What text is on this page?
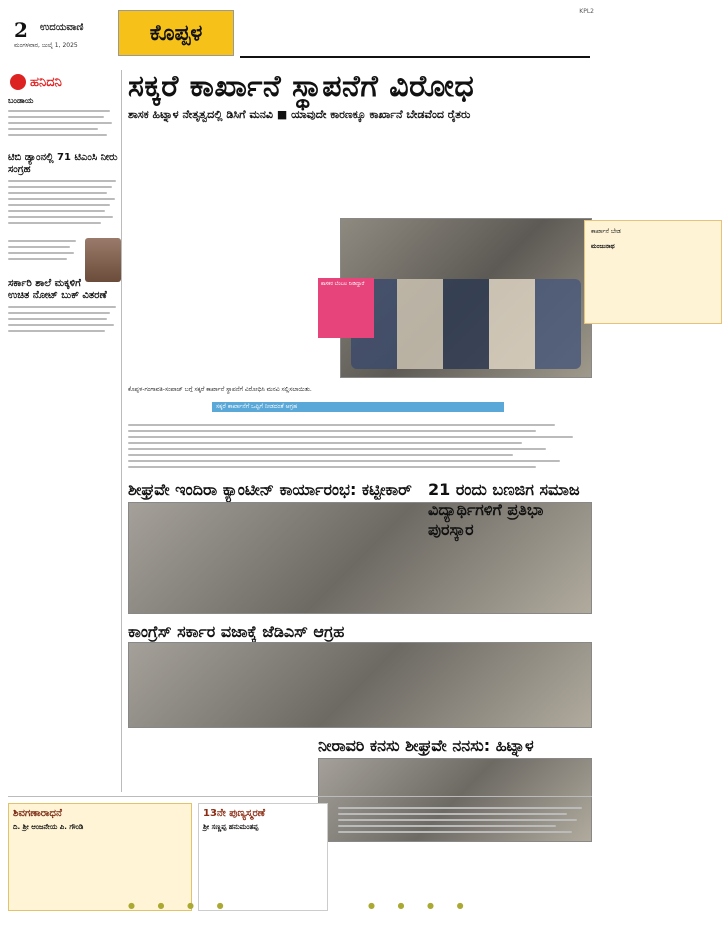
2 ಉದಯವಾಣಿ
ಮಂಗಳವಾರ, ಜುಲೈ 1, 2025	ಕೊಪ್ಪಳ
KPL2
ಹನಿದನಿ
ಬಂಡಾಯ
ಟಿಬಿ ಡ್ಯಾಂನಲ್ಲಿ 71 ಟಿಎಂಸಿ ನೀರು ಸಂಗ್ರಹ
ಸರ್ಕಾರಿ ಶಾಲೆ ಮಕ್ಕಳಿಗೆ ಉಚಿತ ನೋಟ್ ಬುಕ್ ವಿತರಣೆ
ಸಕ್ಕರೆ ಕಾರ್ಖಾನೆ ಸ್ಥಾಪನೆಗೆ ವಿರೋಧ
ಶಾಸಕ ಹಿಟ್ನಾಳ ನೇತೃತ್ವದಲ್ಲಿ ಡಿಸಿಗೆ ಮನವಿ ■ ಯಾವುದೇ ಕಾರಣಕ್ಕೂ ಕಾರ್ಖಾನೆ ಬೇಡವೆಂದ ರೈತರು
ಶಾಸಕರ ಬೆಂಬಲ ನೀಡಿದ್ದಾರೆ
ಕೊಪ್ಪಳ-ಗಂಗಾವತಿ-ಸಂಪಾಜ್ ಬಗ್ಗೆ ಸಕ್ಕರೆ ಕಾರ್ಖಾನೆ ಸ್ಥಾಪನೆಗೆ ವಿರೋಧಿಸಿ ಮನವಿ ಸಲ್ಲಿಸಲಾಯಿತು.
ಸಕ್ಕರೆ ಕಾರ್ಖಾನೆಗೆ ಒಪ್ಪಿಗೆ ನೀಡದಂತೆ ಆಗ್ರಹ
ಕಾರ್ಖಾನೆ ಬೇಡ
ಮಂಜುನಾಥ
ಶೀಘ್ರವೇ ಇಂದಿರಾ ಕ್ಯಾಂಟೀನ್ ಕಾರ್ಯಾರಂಭ: ಕಟ್ಟೀಕಾರ್	21 ರಂದು ಬಣಜಿಗ ಸಮಾಜ ವಿದ್ಯಾರ್ಥಿಗಳಿಗೆ ಪ್ರತಿಭಾ ಪುರಸ್ಕಾರ
ಕಾಂಗ್ರೆಸ್ ಸರ್ಕಾರ ವಜಾಕ್ಕೆ ಜೆಡಿಎಸ್ ಆಗ್ರಹ
ನೀರಾವರಿ ಕನಸು ಶೀಘ್ರವೇ ನನಸು: ಹಿಟ್ನಾಳ
ಶಿವಗಣಾರಾಧನೆ
ದಿ. ಶ್ರೀ ಆಂಜನೇಯ ಪಿ. ಗೌಂಡಿ
13ನೇ ಪುಣ್ಯಸ್ಮರಣೆ
ಶ್ರೀ ಸಣ್ಣಪ್ಪ ಹನುಮಂತಪ್ಪ
● ● ● ●	● ● ● ●
